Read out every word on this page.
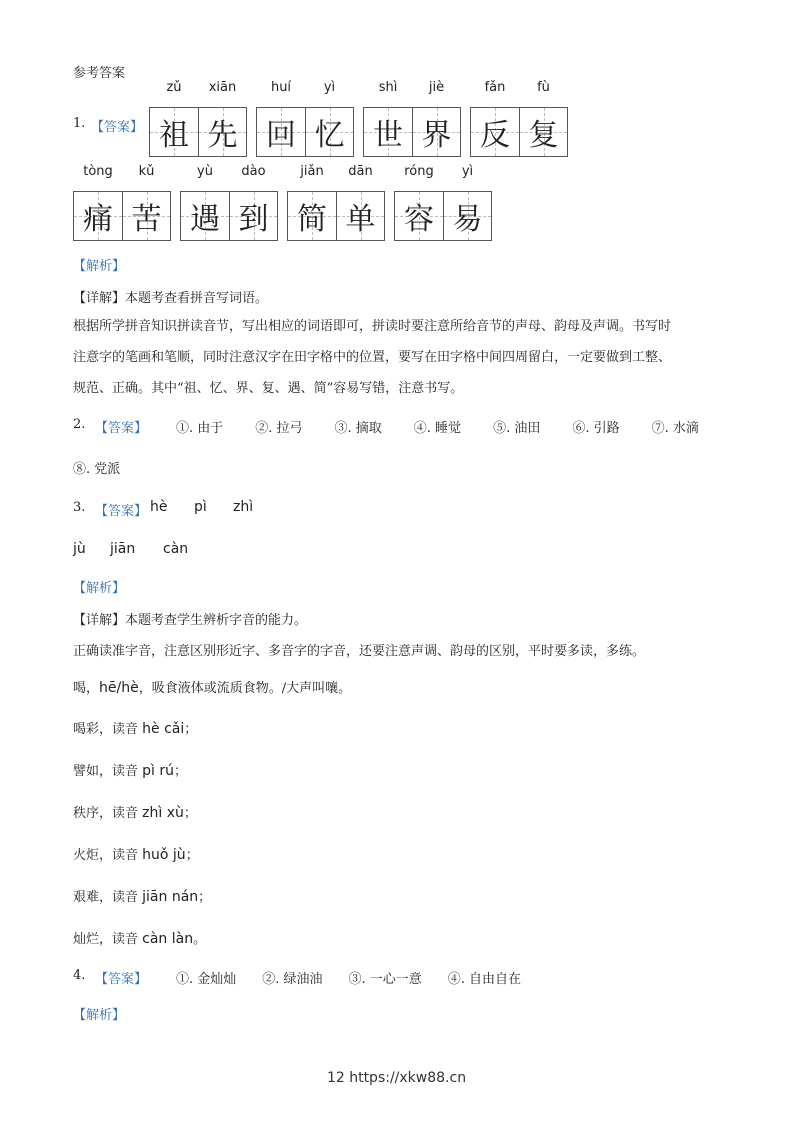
参考答案
1. 【答案】
zǔ
祖
xiān
先
huí
回
yì
忆
shì
世
jiè
界
fǎn
反
fù
复
tòng
痛
kǔ
苦
yù
遇
dào
到
jiǎn
简
dān
单
róng
容
yì
易
【解析】
【详解】本题考查看拼音写词语。
根据所学拼音知识拼读音节，写出相应的词语即可，拼读时要注意所给音节的声母、韵母及声调。书写时
注意字的笔画和笔顺，同时注意汉字在田字格中的位置，要写在田字格中间四周留白，一定要做到工整、
规范、正确。其中“祖、忆、界、复、遇、简”容易写错，注意书写。
2. 【答案】 ①. 由于 ②. 拉弓 ③. 摘取 ④. 睡觉 ⑤. 油田 ⑥. 引路 ⑦. 水滴
⑧. 党派
3. 【答案】 hè pì zhì
jù jiān càn
【解析】
【详解】本题考查学生辨析字音的能力。
正确读准字音，注意区别形近字、多音字的字音，还要注意声调、韵母的区别，平时要多读，多练。
喝，hē/hè，吸食液体或流质食物。/大声叫嚷。
喝彩，读音 hè cǎi；
譬如，读音 pì rú；
秩序，读音 zhì xù；
火炬，读音 huǒ jù；
艰难，读音 jiān nán；
灿烂，读音 càn làn。
4. 【答案】 ①. 金灿灿 ②. 绿油油 ③. 一心一意 ④. 自由自在
【解析】
12 https://xkw88.cn
